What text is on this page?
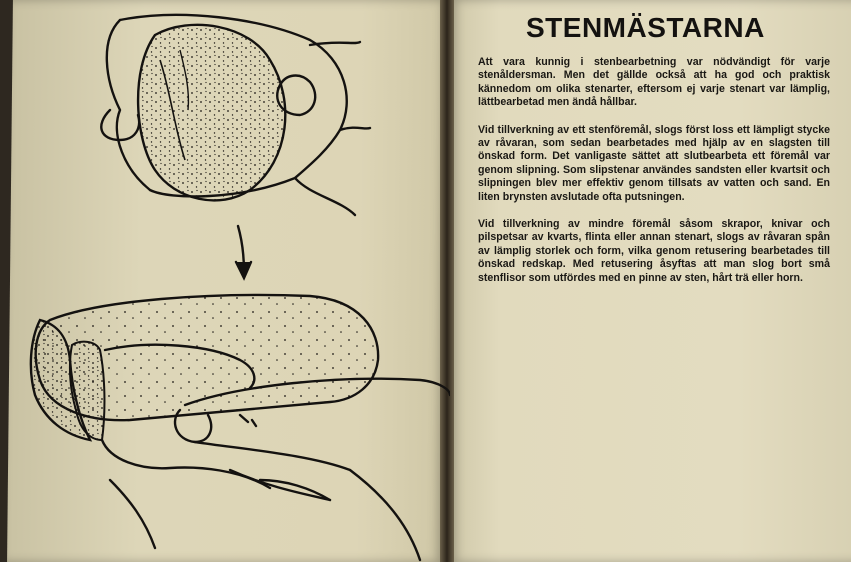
STENMÄSTARNA

Att vara kunnig i stenbearbetning var nödvändigt för varje stenåldersman. Men det gällde också att ha god och praktisk kännedom om olika stenarter, eftersom ej varje stenart var lämplig, lättbearbetad men ändå hållbar.

Vid tillverkning av ett stenföremål, slogs först loss ett lämpligt stycke av råvaran, som sedan bearbetades med hjälp av en slagsten till önskad form. Det vanligaste sättet att slutbearbeta ett föremål var genom slipning. Som slipstenar användes sandsten eller kvartsit och slipningen blev mer effektiv genom tillsats av vatten och sand. En liten brynsten avslutade ofta putsningen.

Vid tillverkning av mindre föremål såsom skrapor, knivar och pilspetsar av kvarts, flinta eller annan stenart, slogs av råvaran spån av lämplig storlek och form, vilka genom retusering bearbetades till önskad redskap. Med retusering åsyftas att man slog bort små stenflisor som utfördes med en pinne av sten, hårt trä eller horn.
